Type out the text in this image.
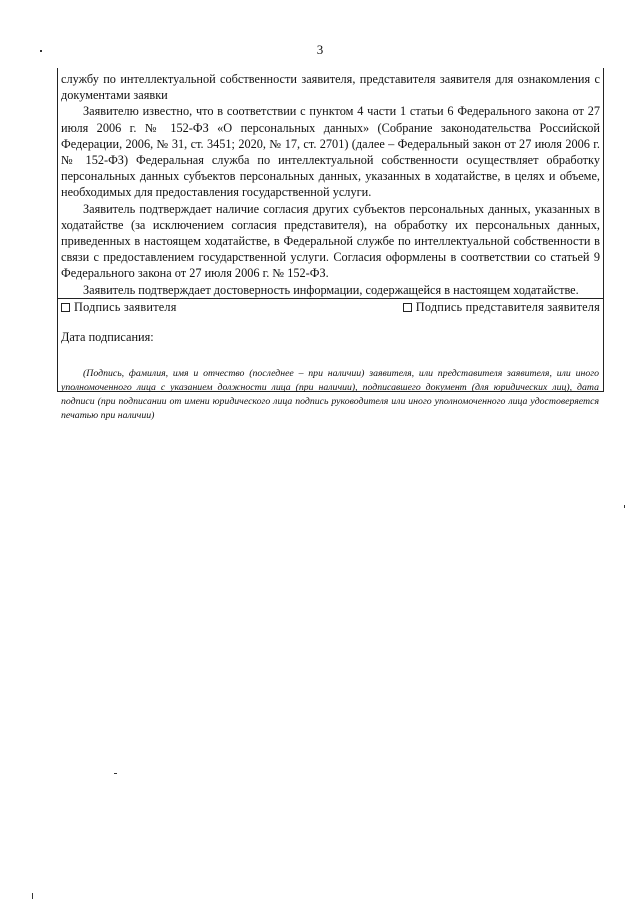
3

службу по интеллектуальной собственности заявителя, представителя заявителя для ознакомления с документами заявки

Заявителю известно, что в соответствии с пунктом 4 части 1 статьи 6 Федерального закона от 27 июля 2006 г. № 152-ФЗ «О персональных данных» (Собрание законодательства Российской Федерации, 2006, № 31, ст. 3451; 2020, № 17, ст. 2701) (далее – Федеральный закон от 27 июля 2006 г. № 152-ФЗ) Федеральная служба по интеллектуальной собственности осуществляет обработку персональных данных субъектов персональных данных, указанных в ходатайстве, в целях и объеме, необходимых для предоставления государственной услуги.

Заявитель подтверждает наличие согласия других субъектов персональных данных, указанных в ходатайстве (за исключением согласия представителя), на обработку их персональных данных, приведенных в настоящем ходатайстве, в Федеральной службе по интеллектуальной собственности в связи с предоставлением государственной услуги. Согласия оформлены в соответствии со статьей 9 Федерального закона от 27 июля 2006 г. № 152-ФЗ.

Заявитель подтверждает достоверность информации, содержащейся в настоящем ходатайстве.

Подпись заявителя	Подпись представителя заявителя
Дата подписания:
(Подпись, фамилия, имя и отчество (последнее – при наличии) заявителя, или представителя заявителя, или иного уполномоченного лица с указанием должности лица (при наличии), подписавшего документ (для юридических лиц), дата подписи (при подписании от имени юридического лица подпись руководителя или иного уполномоченного лица удостоверяется печатью при наличии)
